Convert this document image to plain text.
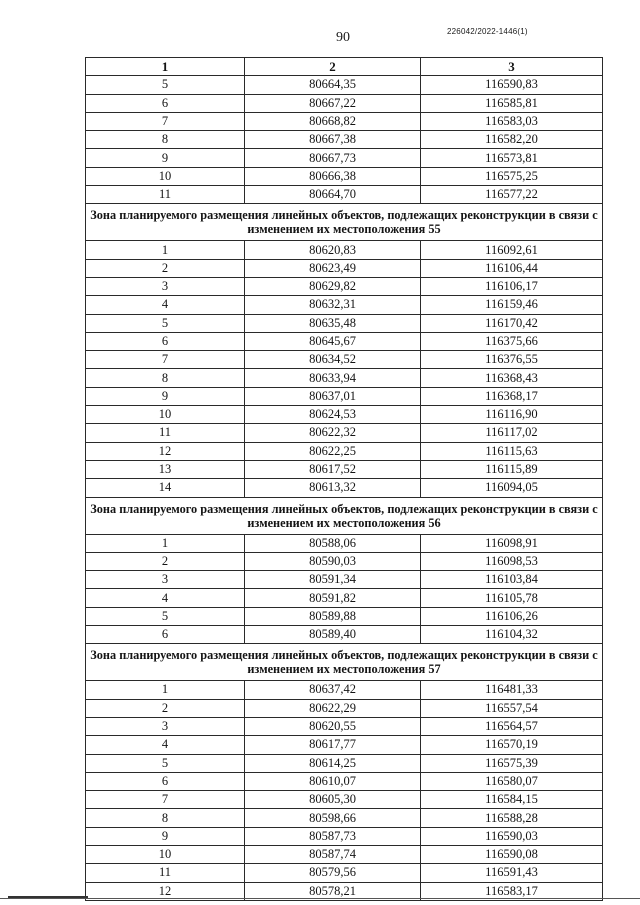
90	226042/2022-1446(1)
1	2	3
5	80664,35	116590,83
6	80667,22	116585,81
7	80668,82	116583,03
8	80667,38	116582,20
9	80667,73	116573,81
10	80666,38	116575,25
11	80664,70	116577,22
Зона планируемого размещения линейных объектов, подлежащих реконструкции в связи с изменением их местоположения 55		
1	80620,83	116092,61
2	80623,49	116106,44
3	80629,82	116106,17
4	80632,31	116159,46
5	80635,48	116170,42
6	80645,67	116375,66
7	80634,52	116376,55
8	80633,94	116368,43
9	80637,01	116368,17
10	80624,53	116116,90
11	80622,32	116117,02
12	80622,25	116115,63
13	80617,52	116115,89
14	80613,32	116094,05
Зона планируемого размещения линейных объектов, подлежащих реконструкции в связи с изменением их местоположения 56		
1	80588,06	116098,91
2	80590,03	116098,53
3	80591,34	116103,84
4	80591,82	116105,78
5	80589,88	116106,26
6	80589,40	116104,32
Зона планируемого размещения линейных объектов, подлежащих реконструкции в связи с изменением их местоположения 57		
1	80637,42	116481,33
2	80622,29	116557,54
3	80620,55	116564,57
4	80617,77	116570,19
5	80614,25	116575,39
6	80610,07	116580,07
7	80605,30	116584,15
8	80598,66	116588,28
9	80587,73	116590,03
10	80587,74	116590,08
11	80579,56	116591,43
12	80578,21	116583,17
